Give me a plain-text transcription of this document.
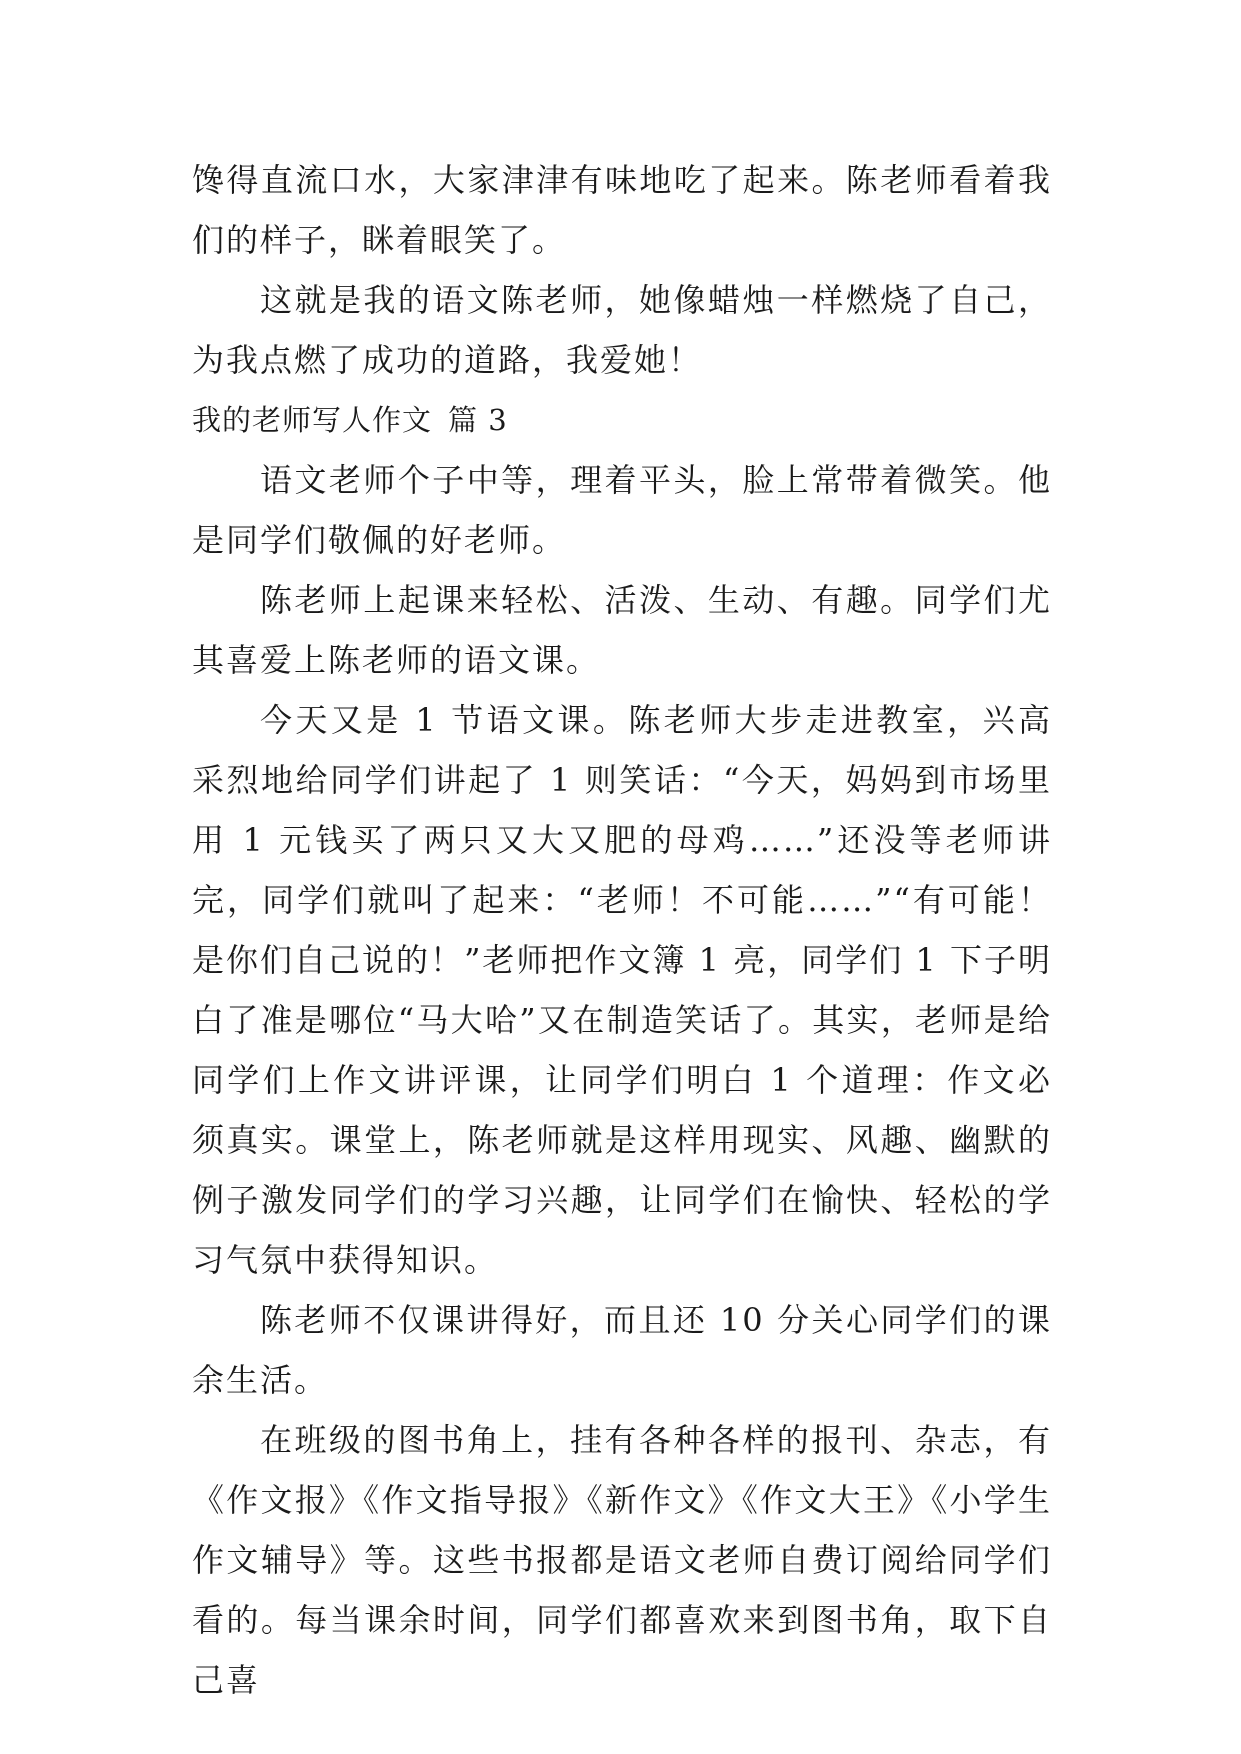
馋得直流口水，大家津津有味地吃了起来。陈老师看着我们的样子，眯着眼笑了。

这就是我的语文陈老师，她像蜡烛一样燃烧了自己，为我点燃了成功的道路，我爱她！

我的老师写人作文 篇 3

语文老师个子中等，理着平头，脸上常带着微笑。他是同学们敬佩的好老师。

陈老师上起课来轻松、活泼、生动、有趣。同学们尤其喜爱上陈老师的语文课。

今天又是 1 节语文课。陈老师大步走进教室，兴高采烈地给同学们讲起了 1 则笑话：“今天，妈妈到市场里用 1 元钱买了两只又大又肥的母鸡……”还没等老师讲完，同学们就叫了起来：“老师！不可能……”“有可能！是你们自己说的！”老师把作文簿 1 亮，同学们 1 下子明白了准是哪位“马大哈”又在制造笑话了。其实，老师是给同学们上作文讲评课，让同学们明白 1 个道理：作文必须真实。课堂上，陈老师就是这样用现实、风趣、幽默的例子激发同学们的学习兴趣，让同学们在愉快、轻松的学习气氛中获得知识。

陈老师不仅课讲得好，而且还 10 分关心同学们的课余生活。

在班级的图书角上，挂有各种各样的报刊、杂志，有《作文报》《作文指导报》《新作文》《作文大王》《小学生作文辅导》等。这些书报都是语文老师自费订阅给同学们看的。每当课余时间，同学们都喜欢来到图书角，取下自己喜
